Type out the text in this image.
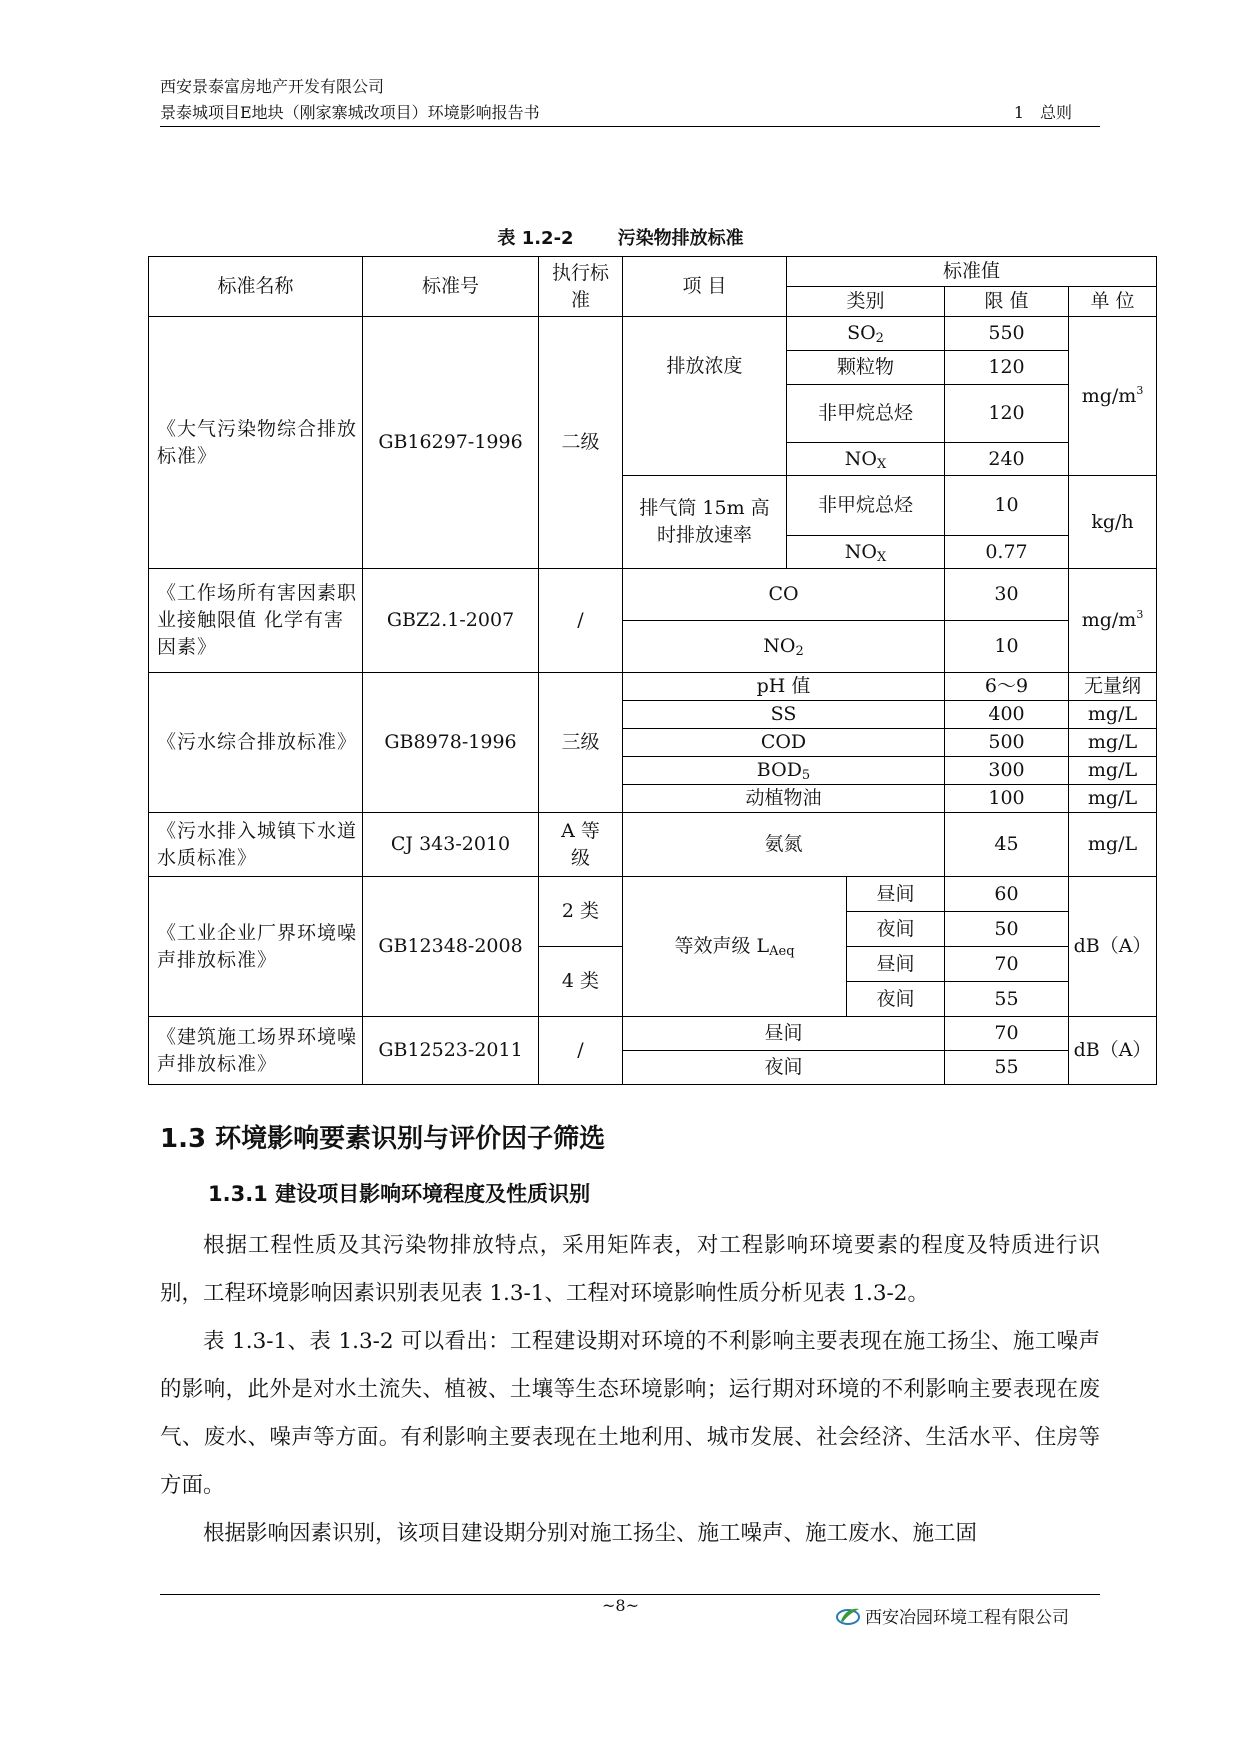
西安景泰富房地产开发有限公司
景泰城项目E地块（刚家寨城改项目）环境影响报告书	1　总则
表 1.2-2 污染物排放标准
标准名称	标准号	执行标准	项 目	标准值			
				类别		限 值	单 位
《大气污染物综合排放标准》	GB16297-1996	二级	排放浓度	$SO_2$		550	$mg/m^3$
				颗粒物		120	
				非甲烷总烃		120	
				$NO_X$		240	
			排气筒 15m 高时排放速率	非甲烷总烃		10	kg/h

				$NO_X$		0.77	
《工作场所有害因素职业接触限值 化学有害因素》	GBZ2.1-2007	/	CO			30	$mg/m^3$
			$NO_2$			10	
《污水综合排放标准》	GB8978-1996	三级	pH 值			6～9	无量纲
			SS			400	mg/L
			COD			500	mg/L
			$BOD_5$			300	mg/L
			动植物油			100	mg/L
《污水排入城镇下水道水质标准》	CJ 343-2010	A 等级	氨氮			45	mg/L
《工业企业厂界环境噪声排放标准》	GB12348-2008	2 类	等效声级 $L_{Aeq}$		昼间	60	dB（A）
					夜间	50	
		4 类			昼间	70	
					夜间	55	
《建筑施工场界环境噪声排放标准》	GB12523-2011	/	昼间			70	dB（A）
			夜间			55	
1.3 环境影响要素识别与评价因子筛选
1.3.1 建设项目影响环境程度及性质识别

根据工程性质及其污染物排放特点，采用矩阵表，对工程影响环境要素的程度及特质进行识别，工程环境影响因素识别表见表 1.3-1、工程对环境影响性质分析见表 1.3-2。

表 1.3-1、表 1.3-2 可以看出：工程建设期对环境的不利影响主要表现在施工扬尘、施工噪声的影响，此外是对水土流失、植被、土壤等生态环境影响；运行期对环境的不利影响主要表现在废气、废水、噪声等方面。有利影响主要表现在土地利用、城市发展、社会经济、生活水平、住房等方面。

根据影响因素识别，该项目建设期分别对施工扬尘、施工噪声、施工废水、施工固

~8~
西安冶园环境工程有限公司
